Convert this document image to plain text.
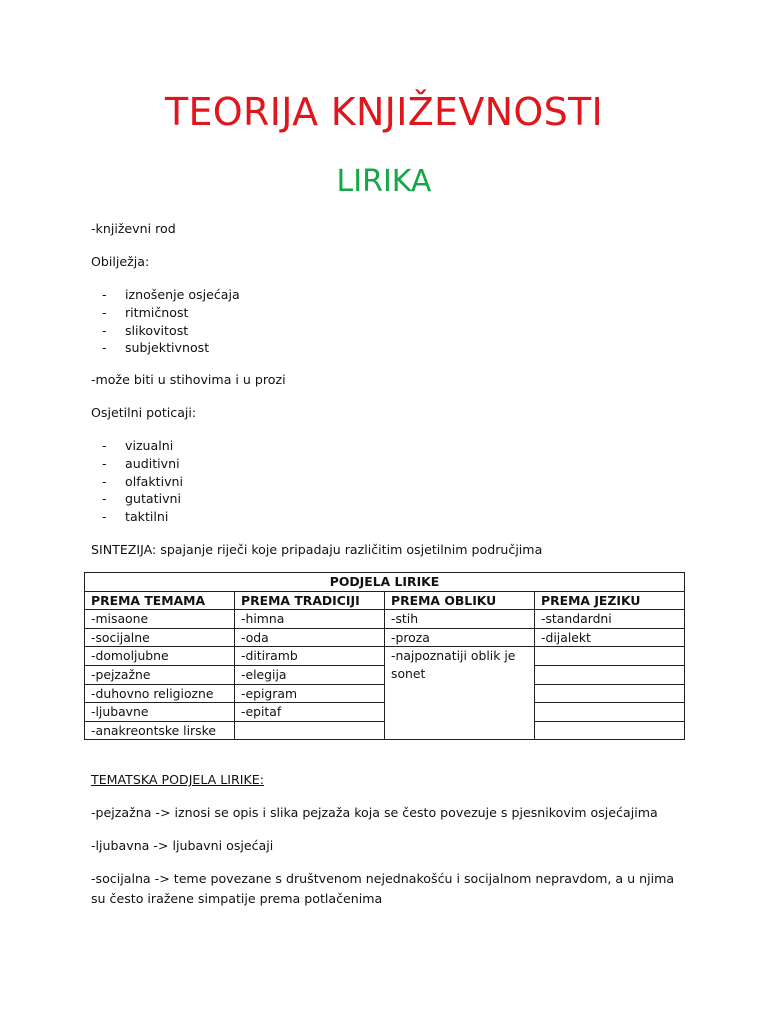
TEORIJA KNJIŽEVNOSTI
LIRIKA
-književni rod
Obilježja:
- iznošenje osjećaja
- ritmičnost
- slikovitost
- subjektivnost
-može biti u stihovima i u prozi
Osjetilni poticaji:
- vizualni
- auditivni
- olfaktivni
- gutativni
- taktilni
SINTEZIJA: spajanje riječi koje pripadaju različitim osjetilnim područjima
PODJELA LIRIKE			
PREMA TEMAMA	PREMA TRADICIJI	PREMA OBLIKU	PREMA JEZIKU
-misaone	-himna	-stih	-standardni
-socijalne	-oda	-proza	-dijalekt
-domoljubne	-ditiramb	-najpoznatiji oblik je sonet	
-pejzažne	-elegija		
-duhovno religiozne	-epigram		
-ljubavne	-epitaf		
-anakreontske lirske			
TEMATSKA PODJELA LIRIKE:
-pejzažna -> iznosi se opis i slika pejzaža koja se često povezuje s pjesnikovim osjećajima
-ljubavna -> ljubavni osjećaji
-socijalna -> teme povezane s društvenom nejednakošću i socijalnom nepravdom, a u njima su često iražene simpatije prema potlačenima
